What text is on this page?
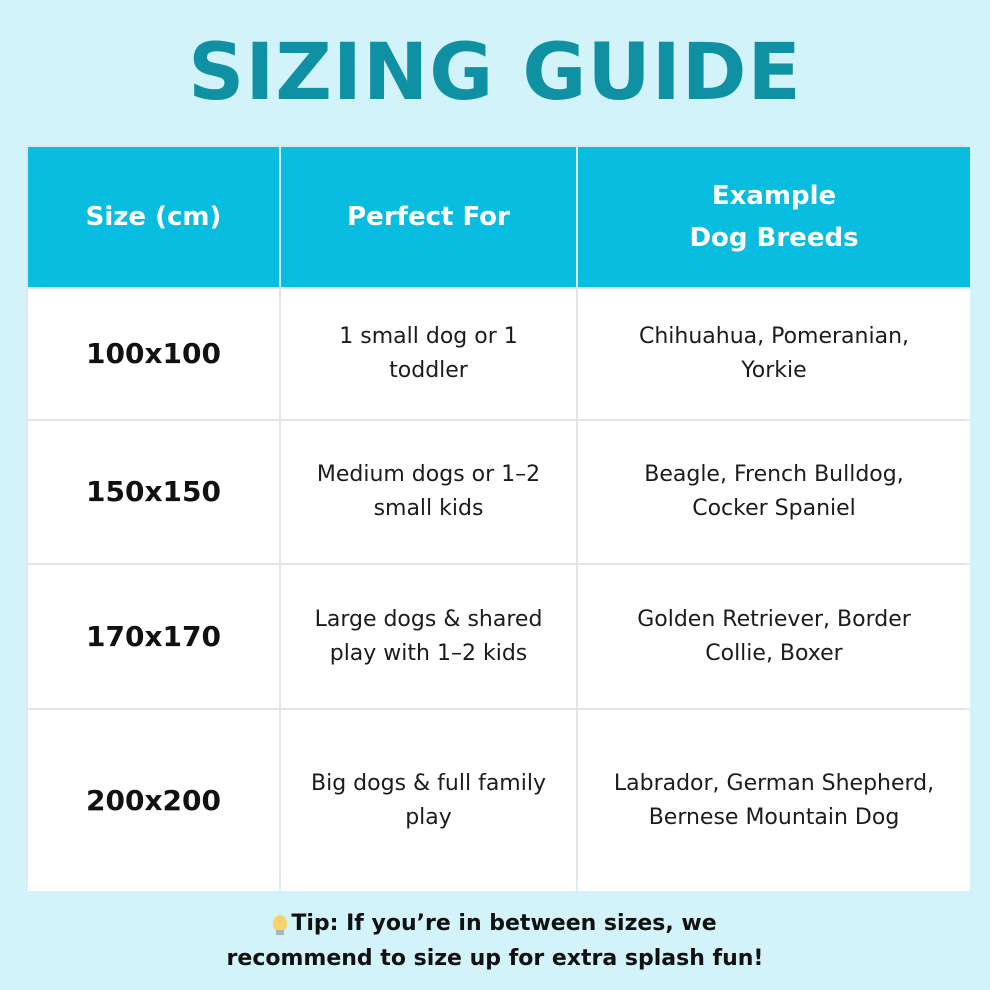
SIZING GUIDE
Size (cm)	Perfect For
Example
Dog Breeds
100x100
1 small dog or 1 toddler
Chihuahua, Pomeranian, Yorkie
150x150
Medium dogs or 1–2 small kids
Beagle, French Bulldog, Cocker Spaniel
170x170
Large dogs & shared play with 1–2 kids
Golden Retriever, Border Collie, Boxer
200x200
Big dogs & full family play
Labrador, German Shepherd, Bernese Mountain Dog
Tip: If you’re in between sizes, we
recommend to size up for extra splash fun!
